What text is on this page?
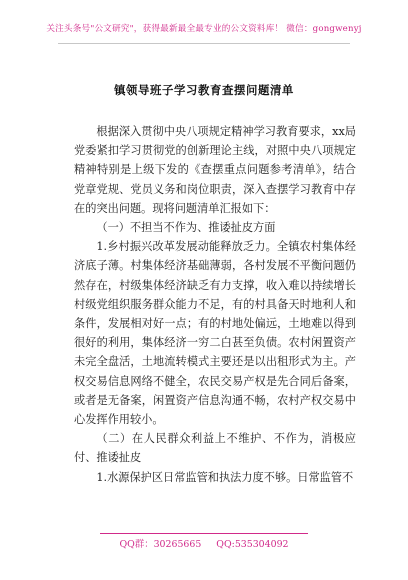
关注头条号"公文研究"，获得最新最全最专业的公文资料库！ 微信：gongwenyj
镇领导班子学习教育查摆问题清单

根据深入贯彻中央八项规定精神学习教育要求，xx局党委紧扣学习贯彻党的创新理论主线，对照中央八项规定精神特别是上级下发的《查摆重点问题参考清单》，结合党章党规、党员义务和岗位职责，深入查摆学习教育中存在的突出问题。现将问题清单汇报如下：

（一）不担当不作为、推诿扯皮方面

1.乡村振兴改革发展动能释放乏力。全镇农村集体经济底子薄。村集体经济基础薄弱，各村发展不平衡问题仍然存在，村级集体经济缺乏有力支撑，收入难以持续增长村级党组织服务群众能力不足，有的村具备天时地利人和条件，发展相对好一点；有的村地处偏远，土地难以得到很好的利用，集体经济一穷二白甚至负债。农村闲置资产未完全盘活，土地流转模式主要还是以出租形式为主。产权交易信息网络不健全，农民交易产权是先合同后备案，或者是无备案，闲置资产信息沟通不畅，农村产权交易中心发挥作用较小。

（二）在人民群众利益上不维护、不作为，消极应付、推诿扯皮

1.水源保护区日常监管和执法力度不够。日常监管不

QQ群：30265665 QQ:535304092
